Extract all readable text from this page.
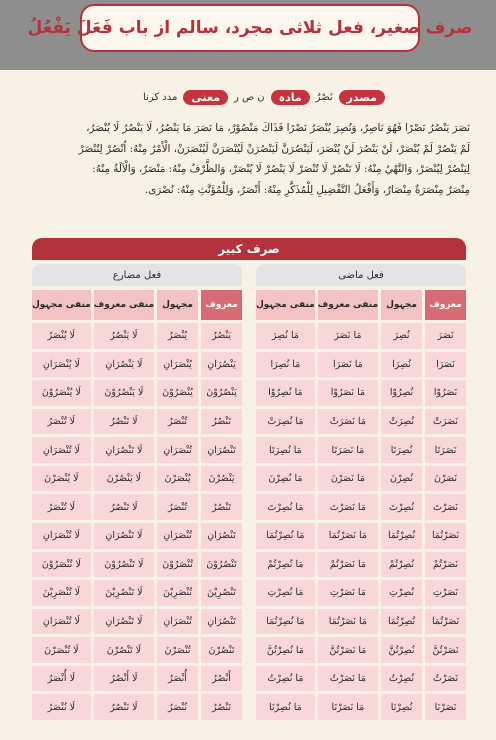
صرف صغیر، فعل ثلاثی مجرد، سالم از باب فَعَلَ یَفْعُلُ
مصدر
نَصْرٌ
مادہ
ن ص ر
معنی
مدد کرنا
نَصَرَ يَنْصُرُ نَصْرًا فَهُوَ نَاصِرٌ، وَنُصِرَ يُنْصَرُ نَصْرًا فَذَاكَ مَنْصُوْرٌ، مَا نَصَرَ مَا يَنْصُرُ، لَا يَنْصُرُ لَا يُنْصَرُ،
لَمْ يَنْصُرْ لَمْ يُنْصَرْ، لَنْ يَنْصُرَ لَنْ يُنْصَرَ، لَيَنْصُرَنَّ لَيَنْصُرَنْ لَيُنْصَرَنَّ لَيُنْصَرَنْ، الْأَمْرُ مِنْهُ: اُنْصُرْ لِتُنْصَرْ
لِيَنْصُرْ لِيُنْصَرْ، وَالنَّهْيُ مِنْهُ: لَا تَنْصُرْ لَا تُنْصَرْ لَا يَنْصُرْ لَا يُنْصَرْ، وَالظَّرْفُ مِنْهُ: مَنْصَرٌ، وَالْآلَةُ مِنْهُ:
مِنْصَرٌ مِنْصَرَةٌ مِنْصَارٌ، وَأَفْعَلُ التَّفْضِيلِ لِلْمُذَكَّرِ مِنْهُ: أَنْصَرُ، وَلِلْمُؤَنَّثِ مِنْهُ: نُصْرَى.
صرف کبیر
فعل ماضی
فعل مضارع
معروف
مجہول
منفی معروف
منفی مجہول
نَصَرَ
نُصِرَ
مَا نَصَرَ
مَا نُصِرَ
نَصَرَا
نُصِرَا
مَا نَصَرَا
مَا نُصِرَا
نَصَرُوْا
نُصِرُوْا
مَا نَصَرُوْا
مَا نُصِرُوْا
نَصَرَتْ
نُصِرَتْ
مَا نَصَرَتْ
مَا نُصِرَتْ
نَصَرَتَا
نُصِرَتَا
مَا نَصَرَتَا
مَا نُصِرَتَا
نَصَرْنَ
نُصِرْنَ
مَا نَصَرْنَ
مَا نُصِرْنَ
نَصَرْتَ
نُصِرْتَ
مَا نَصَرْتَ
مَا نُصِرْتَ
نَصَرْتُمَا
نُصِرْتُمَا
مَا نَصَرْتُمَا
مَا نُصِرْتُمَا
نَصَرْتُمْ
نُصِرْتُمْ
مَا نَصَرْتُمْ
مَا نُصِرْتُمْ
نَصَرْتِ
نُصِرْتِ
مَا نَصَرْتِ
مَا نُصِرْتِ
نَصَرْتُمَا
نُصِرْتُمَا
مَا نَصَرْتُمَا
مَا نُصِرْتُمَا
نَصَرْتُنَّ
نُصِرْتُنَّ
مَا نَصَرْتُنَّ
مَا نُصِرْتُنَّ
نَصَرْتُ
نُصِرْتُ
مَا نَصَرْتُ
مَا نُصِرْتُ
نَصَرْنَا
نُصِرْنَا
مَا نَصَرْنَا
مَا نُصِرْنَا
معروف
مجہول
منفی معروف
منفی مجہول
يَنْصُرُ
يُنْصَرُ
لَا يَنْصُرُ
لَا يُنْصَرُ
يَنْصُرَانِ
يُنْصَرَانِ
لَا يَنْصُرَانِ
لَا يُنْصَرَانِ
يَنْصُرُوْنَ
يُنْصَرُوْنَ
لَا يَنْصُرُوْنَ
لَا يُنْصَرُوْنَ
تَنْصُرُ
تُنْصَرُ
لَا تَنْصُرُ
لَا تُنْصَرُ
تَنْصُرَانِ
تُنْصَرَانِ
لَا تَنْصُرَانِ
لَا تُنْصَرَانِ
يَنْصُرْنَ
يُنْصَرْنَ
لَا يَنْصُرْنَ
لَا يُنْصَرْنَ
تَنْصُرُ
تُنْصَرُ
لَا تَنْصُرُ
لَا تُنْصَرُ
تَنْصُرَانِ
تُنْصَرَانِ
لَا تَنْصُرَانِ
لَا تُنْصَرَانِ
تَنْصُرُوْنَ
تُنْصَرُوْنَ
لَا تَنْصُرُوْنَ
لَا تُنْصَرُوْنَ
تَنْصُرِيْنَ
تُنْصَرِيْنَ
لَا تَنْصُرِيْنَ
لَا تُنْصَرِيْنَ
تَنْصُرَانِ
تُنْصَرَانِ
لَا تَنْصُرَانِ
لَا تُنْصَرَانِ
تَنْصُرْنَ
تُنْصَرْنَ
لَا تَنْصُرْنَ
لَا تُنْصَرْنَ
أَنْصُرُ
أُنْصَرُ
لَا أَنْصُرُ
لَا أُنْصَرُ
نَنْصُرُ
نُنْصَرُ
لَا نَنْصُرُ
لَا نُنْصَرُ
